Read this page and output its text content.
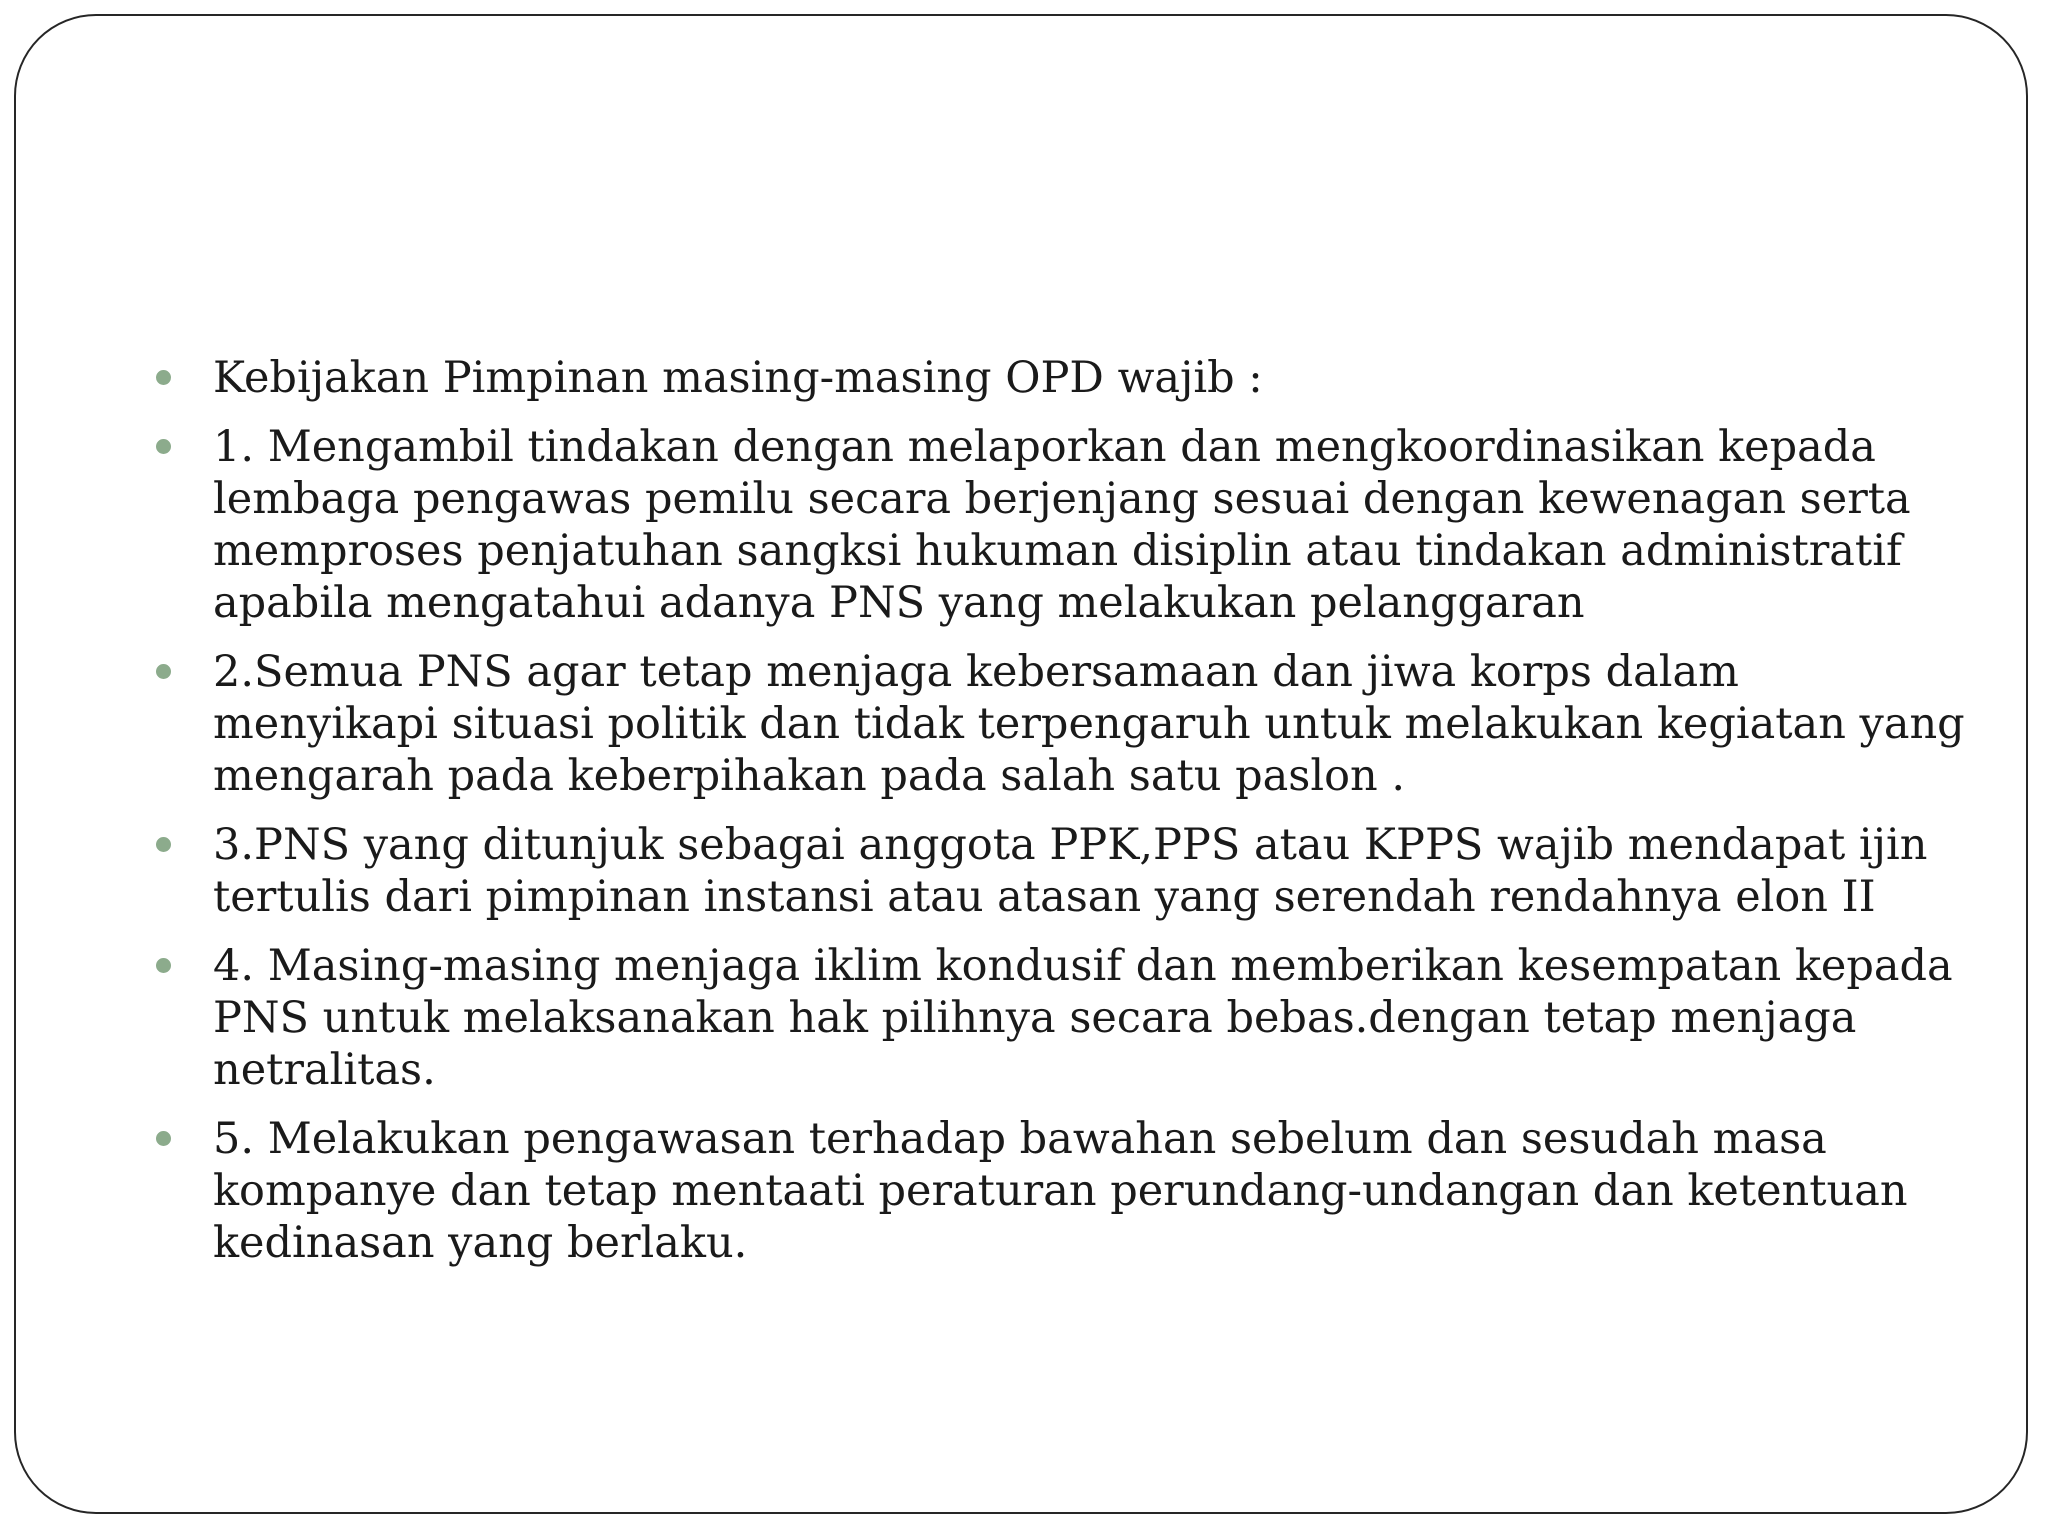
Kebijakan Pimpinan masing-masing OPD wajib :
1. Mengambil tindakan dengan melaporkan dan mengkoordinasikan kepada lembaga pengawas pemilu secara berjenjang sesuai dengan kewenagan serta memproses penjatuhan sangksi hukuman disiplin atau tindakan administratif apabila mengatahui adanya PNS yang melakukan pelanggaran
2.Semua PNS agar tetap menjaga kebersamaan dan jiwa korps dalam menyikapi situasi politik dan tidak terpengaruh untuk melakukan kegiatan yang mengarah pada keberpihakan pada salah satu paslon .
3.PNS yang ditunjuk sebagai anggota PPK,PPS atau KPPS wajib mendapat ijin tertulis dari pimpinan instansi atau atasan yang serendah rendahnya elon II
4. Masing-masing menjaga iklim kondusif dan memberikan kesempatan kepada PNS untuk melaksanakan hak pilihnya secara bebas.dengan tetap menjaga netralitas.
5. Melakukan pengawasan terhadap bawahan sebelum dan sesudah masa kompanye dan tetap mentaati peraturan perundang-undangan dan ketentuan kedinasan yang berlaku.
